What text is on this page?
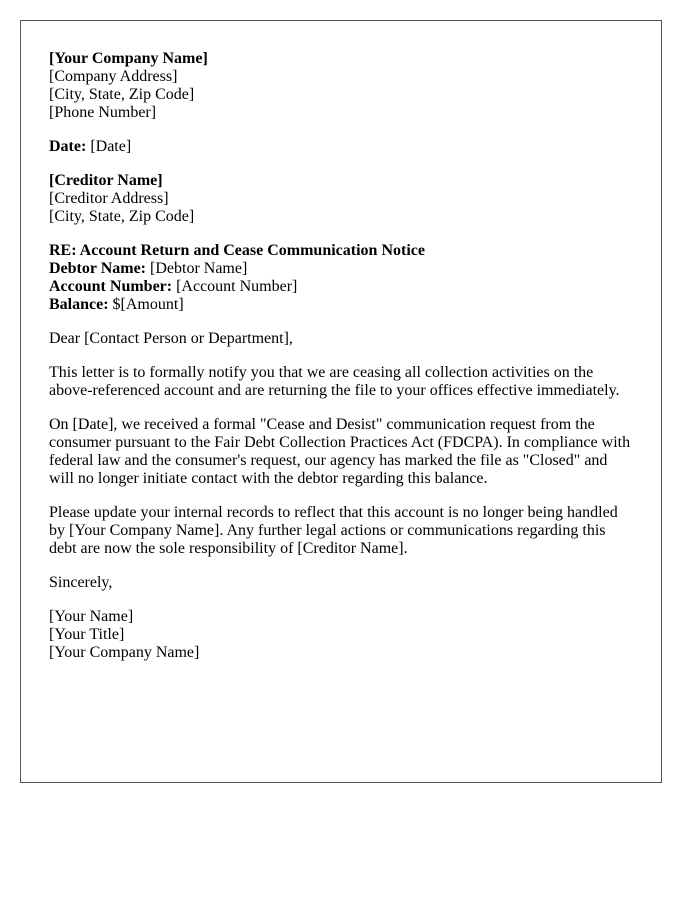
[Your Company Name]
[Company Address]
[City, State, Zip Code]
[Phone Number]

Date: [Date]

[Creditor Name]
[Creditor Address]
[City, State, Zip Code]

RE: Account Return and Cease Communication Notice
Debtor Name: [Debtor Name]
Account Number: [Account Number]
Balance: $[Amount]

Dear [Contact Person or Department],

This letter is to formally notify you that we are ceasing all collection activities on the above-referenced account and are returning the file to your offices effective immediately.

On [Date], we received a formal "Cease and Desist" communication request from the consumer pursuant to the Fair Debt Collection Practices Act (FDCPA). In compliance with federal law and the consumer's request, our agency has marked the file as "Closed" and will no longer initiate contact with the debtor regarding this balance.

Please update your internal records to reflect that this account is no longer being handled by [Your Company Name]. Any further legal actions or communications regarding this debt are now the sole responsibility of [Creditor Name].

Sincerely,

[Your Name]
[Your Title]
[Your Company Name]
